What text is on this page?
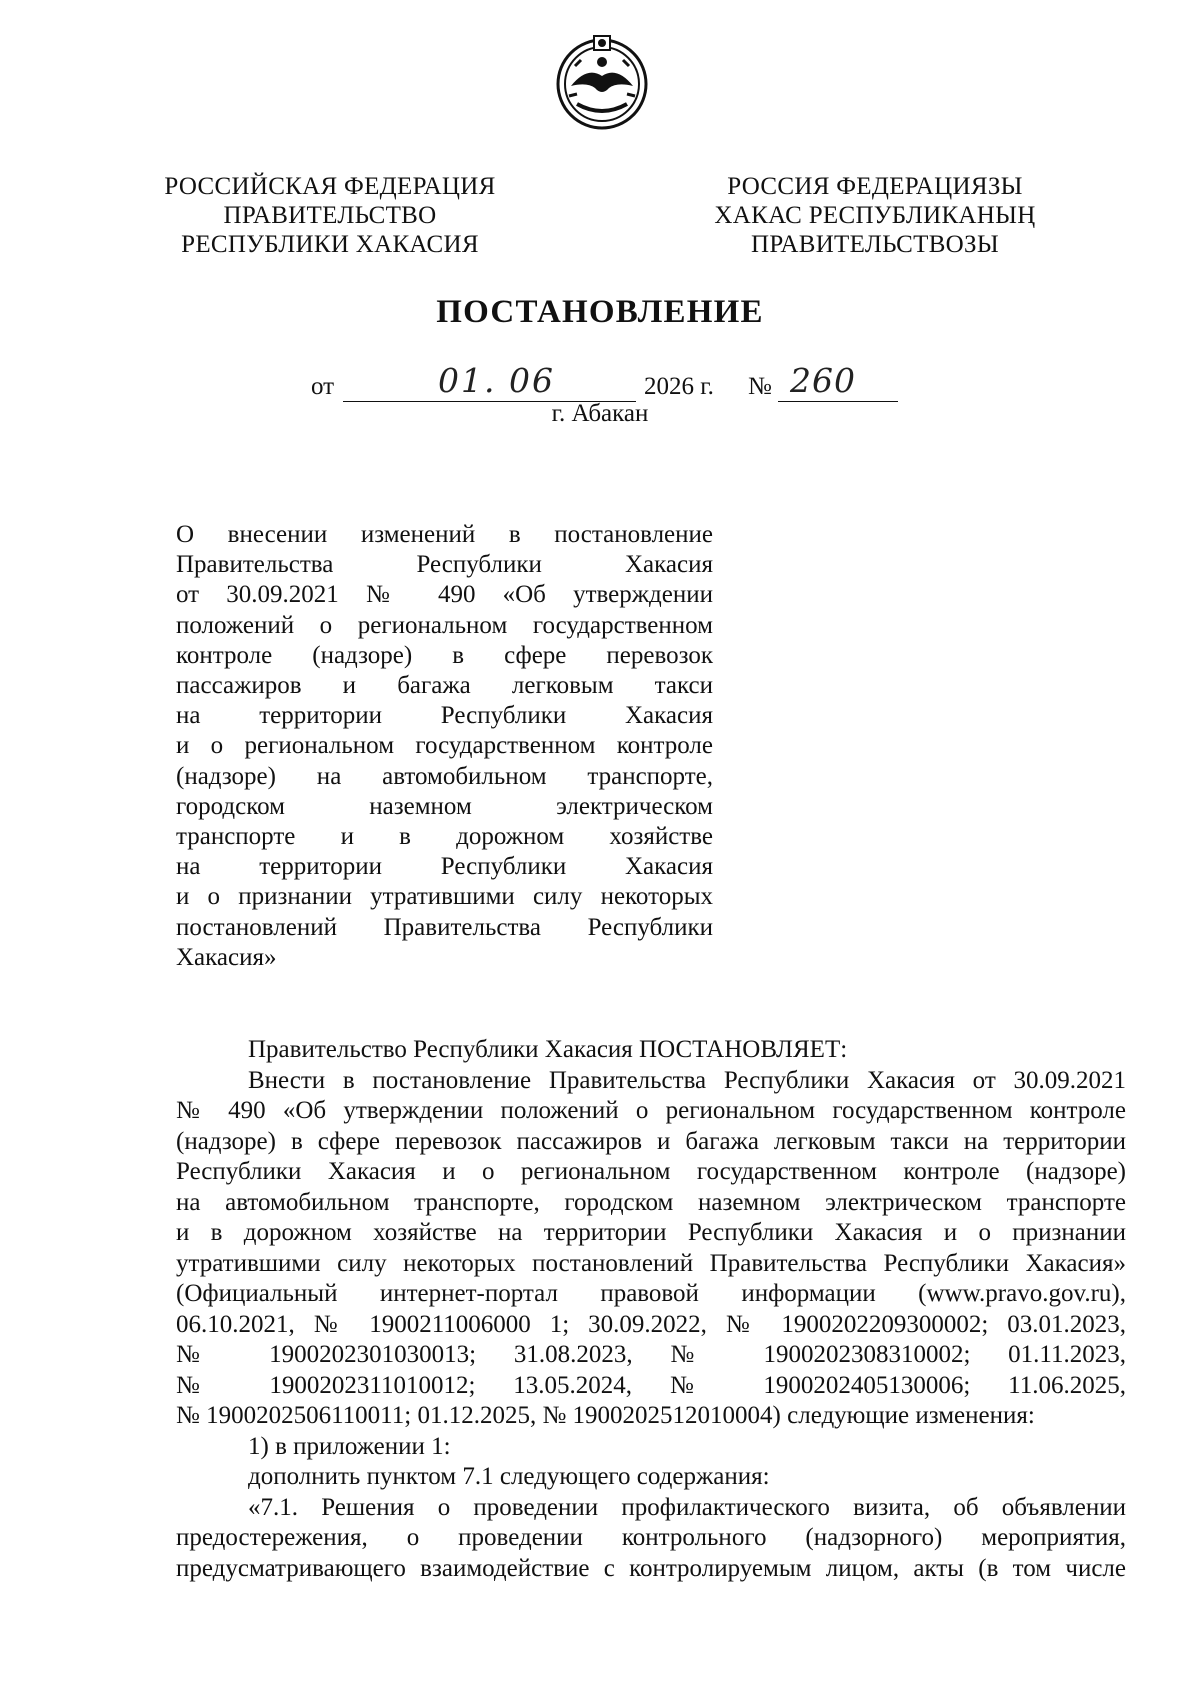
РОССИЙСКАЯ ФЕДЕРАЦИЯ
ПРАВИТЕЛЬСТВО
РЕСПУБЛИКИ ХАКАСИЯ
РОССИЯ ФЕДЕРАЦИЯЗЫ
ХАКАС РЕСПУБЛИКАНЫҢ
ПРАВИТЕЛЬСТВОЗЫ
ПОСТАНОВЛЕНИЕ
от	01. 06	2026 г. № 260
г. Абакан
О внесении изменений в постановление
Правительства Республики Хакасия
от 30.09.2021 № 490 «Об утверждении
положений о региональном государственном
контроле (надзоре) в сфере перевозок
пассажиров и багажа легковым такси
на территории Республики Хакасия
и о региональном государственном контроле
(надзоре) на автомобильном транспорте,
городском наземном электрическом
транспорте и в дорожном хозяйстве
на территории Республики Хакасия
и о признании утратившими силу некоторых
постановлений Правительства Республики
Хакасия»
Правительство Республики Хакасия ПОСТАНОВЛЯЕТ:
Внести в постановление Правительства Республики Хакасия от 30.09.2021
№ 490 «Об утверждении положений о региональном государственном контроле
(надзоре) в сфере перевозок пассажиров и багажа легковым такси на территории
Республики Хакасия и о региональном государственном контроле (надзоре)
на автомобильном транспорте, городском наземном электрическом транспорте
и в дорожном хозяйстве на территории Республики Хакасия и о признании
утратившими силу некоторых постановлений Правительства Республики Хакасия»
(Официальный интернет-портал правовой информации (www.pravo.gov.ru),
06.10.2021, № 1900211006000 1; 30.09.2022, № 1900202209300002; 03.01.2023,
№ 1900202301030013; 31.08.2023, № 1900202308310002; 01.11.2023,
№ 1900202311010012; 13.05.2024, № 1900202405130006; 11.06.2025,
№ 1900202506110011; 01.12.2025, № 1900202512010004) следующие изменения:
1) в приложении 1:
дополнить пунктом 7.1 следующего содержания:
«7.1. Решения о проведении профилактического визита, об объявлении
предостережения, о проведении контрольного (надзорного) мероприятия,
предусматривающего взаимодействие с контролируемым лицом, акты (в том числе
